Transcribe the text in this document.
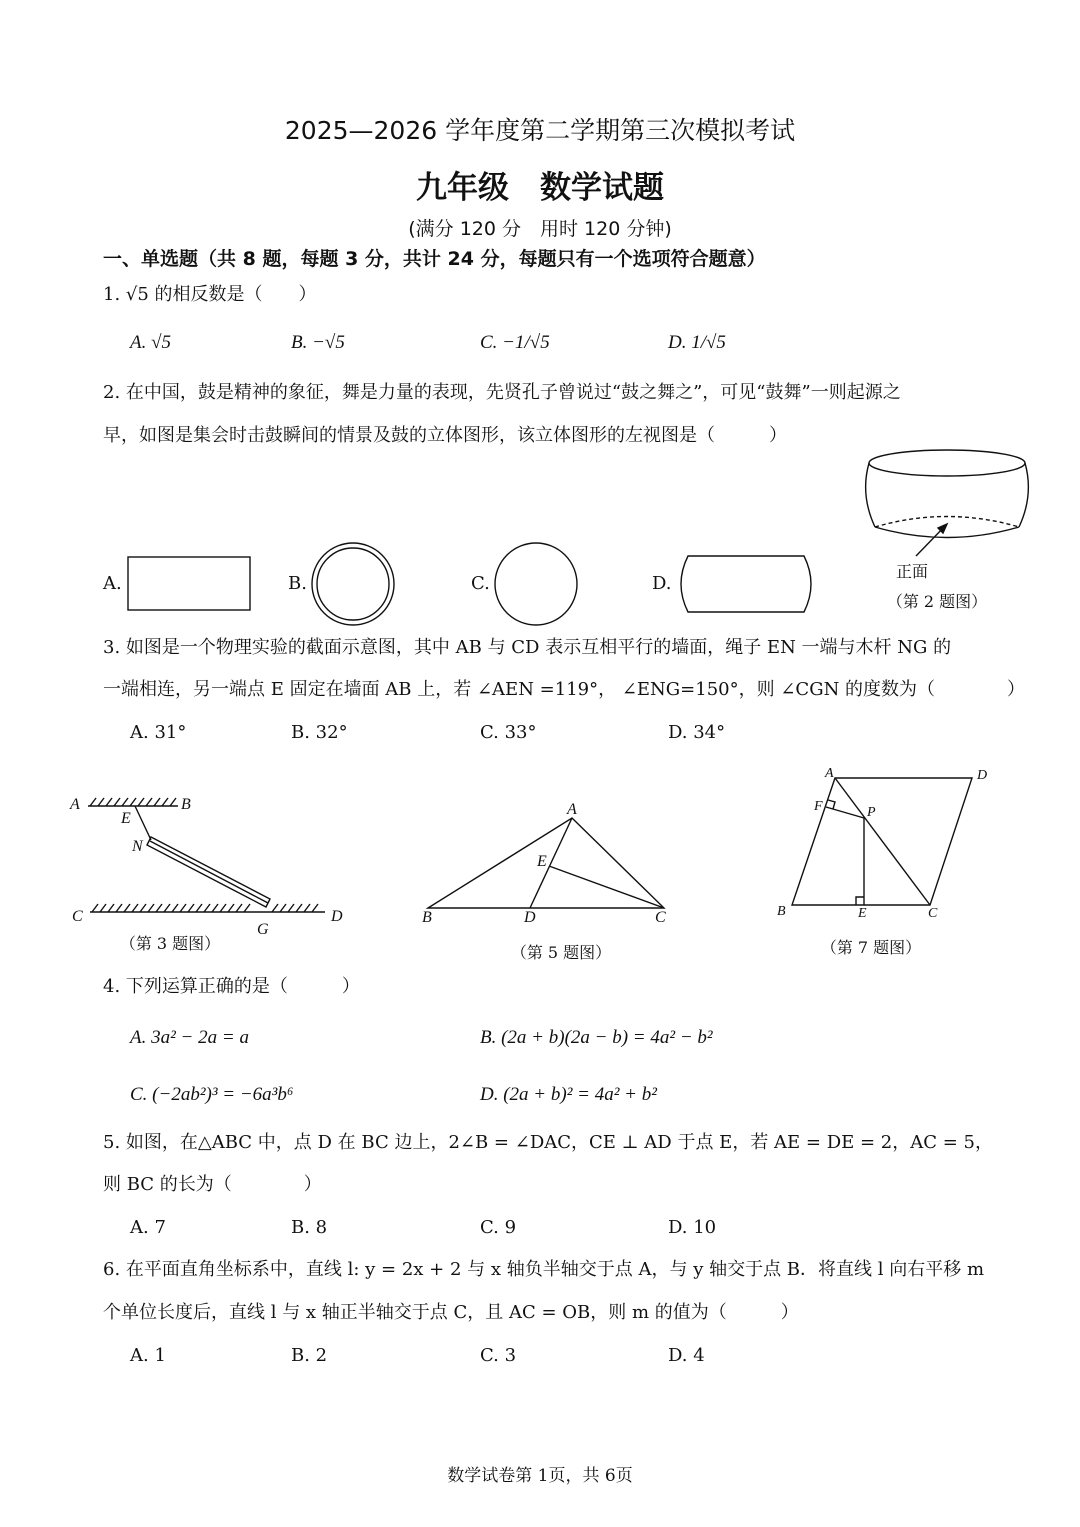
2025—2026 学年度第二学期第三次模拟考试
九年级　数学试题
(满分 120 分　用时 120 分钟)
一、单选题（共 8 题，每题 3 分，共计 24 分，每题只有一个选项符合题意）
1. √5 的相反数是（　　）
A. √5	B. −√5	C. −1/√5	D. 1/√5
2. 在中国，鼓是精神的象征，舞是力量的表现，先贤孔子曾说过“鼓之舞之”，可见“鼓舞”一则起源之
早，如图是集会时击鼓瞬间的情景及鼓的立体图形，该立体图形的左视图是（　　　）
A.	B.	C.	D.
正面
（第 2 题图）
A	B
E
N
C	D
G
（第 3 题图）
A
E
B	D	C
（第 5 题图）
A	D
F	P
B	E	C
（第 7 题图）
3. 如图是一个物理实验的截面示意图，其中 AB 与 CD 表示互相平行的墙面，绳子 EN 一端与木杆 NG 的
一端相连，另一端点 E 固定在墙面 AB 上，若 ∠AEN =119°， ∠ENG=150°，则 ∠CGN 的度数为（　　　　）
A. 31°	B. 32°	C. 33°	D. 34°
4. 下列运算正确的是（　　　）
A. 3a² − 2a = a	B. (2a + b)(2a − b) = 4a² − b²
C. (−2ab²)³ = −6a³b⁶	D. (2a + b)² = 4a² + b²
5. 如图，在△ABC 中，点 D 在 BC 边上，2∠B = ∠DAC，CE ⊥ AD 于点 E，若 AE = DE = 2，AC = 5，
则 BC 的长为（　　　　）
A. 7	B. 8	C. 9	D. 10
6. 在平面直角坐标系中，直线 l: y = 2x + 2 与 x 轴负半轴交于点 A，与 y 轴交于点 B．将直线 l 向右平移 m
个单位长度后，直线 l 与 x 轴正半轴交于点 C，且 AC = OB，则 m 的值为（　　　）
A. 1	B. 2	C. 3	D. 4
数学试卷第 1页，共 6页
